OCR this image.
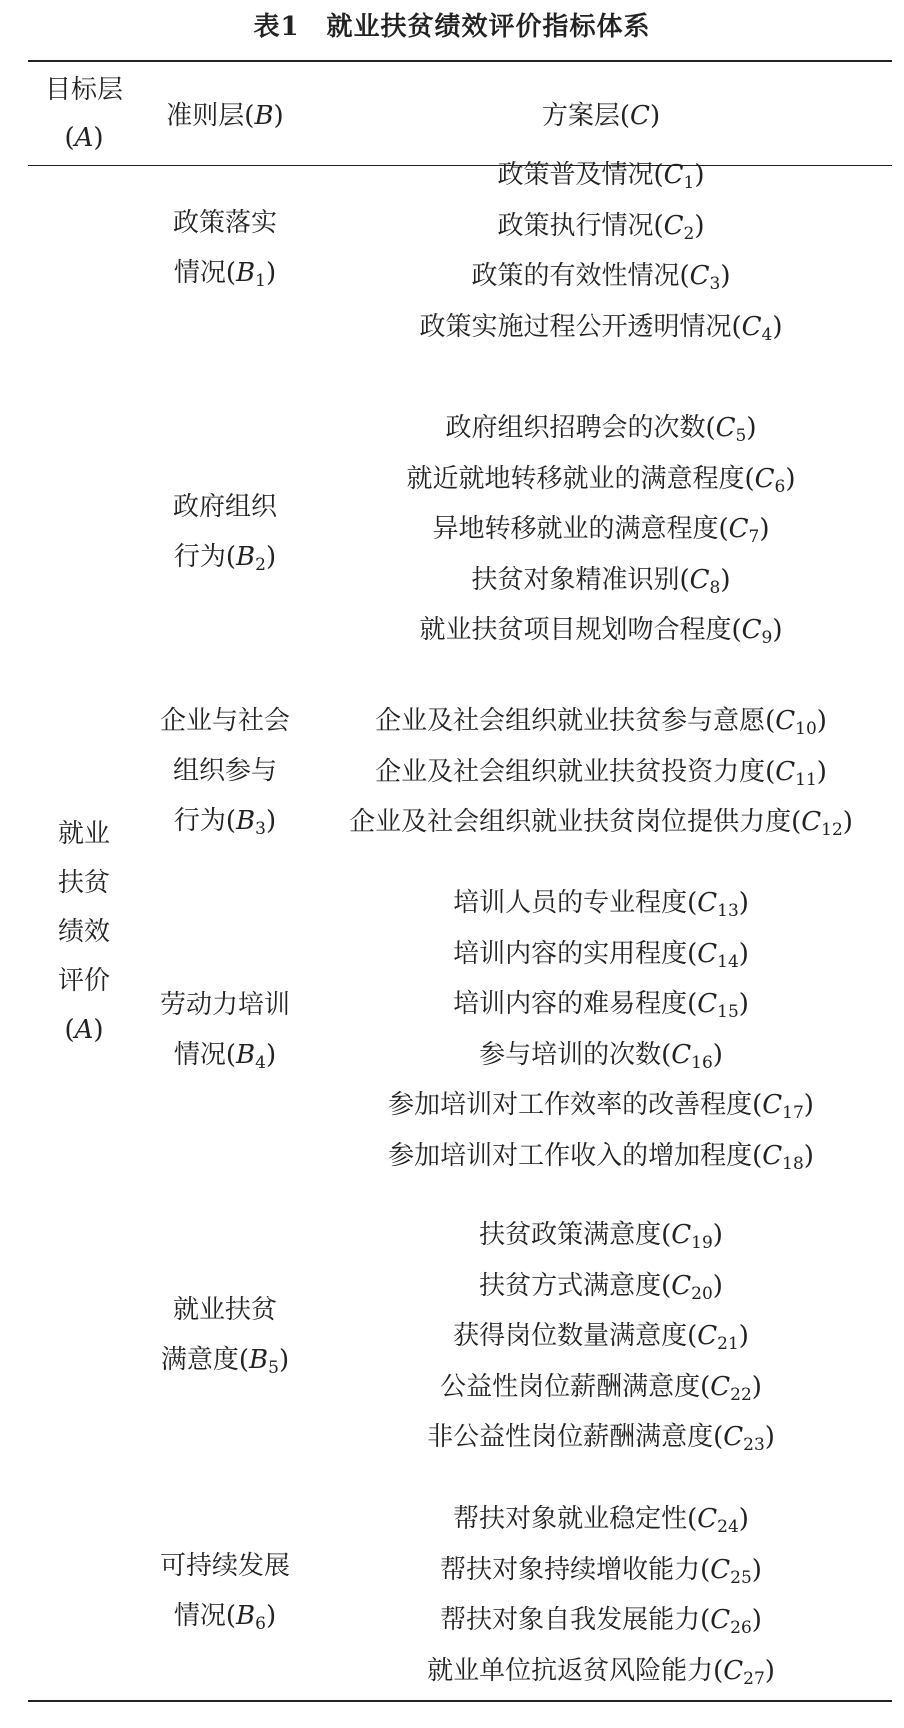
表1　就业扶贫绩效评价指标体系
目标层
(A)
准则层(B)	方案层(C)
就业
扶贫
绩效
评价
(A)
政策落实
情况$(B_1)$
政策普及情况$(C_1)$
政策执行情况$(C_2)$
政策的有效性情况$(C_3)$
政策实施过程公开透明情况$(C_4)$
政府组织
行为$(B_2)$
政府组织招聘会的次数$(C_5)$
就近就地转移就业的满意程度$(C_6)$
异地转移就业的满意程度$(C_7)$
扶贫对象精准识别$(C_8)$
就业扶贫项目规划吻合程度$(C_9)$
企业与社会
组织参与
行为$(B_3)$
企业及社会组织就业扶贫参与意愿$(C_{10})$
企业及社会组织就业扶贫投资力度$(C_{11})$
企业及社会组织就业扶贫岗位提供力度$(C_{12})$
劳动力培训
情况$(B_4)$
培训人员的专业程度$(C_{13})$
培训内容的实用程度$(C_{14})$
培训内容的难易程度$(C_{15})$
参与培训的次数$(C_{16})$
参加培训对工作效率的改善程度$(C_{17})$
参加培训对工作收入的增加程度$(C_{18})$
就业扶贫
满意度$(B_5)$
扶贫政策满意度$(C_{19})$
扶贫方式满意度$(C_{20})$
获得岗位数量满意度$(C_{21})$
公益性岗位薪酬满意度$(C_{22})$
非公益性岗位薪酬满意度$(C_{23})$
可持续发展
情况$(B_6)$
帮扶对象就业稳定性$(C_{24})$
帮扶对象持续增收能力$(C_{25})$
帮扶对象自我发展能力$(C_{26})$
就业单位抗返贫风险能力$(C_{27})$
